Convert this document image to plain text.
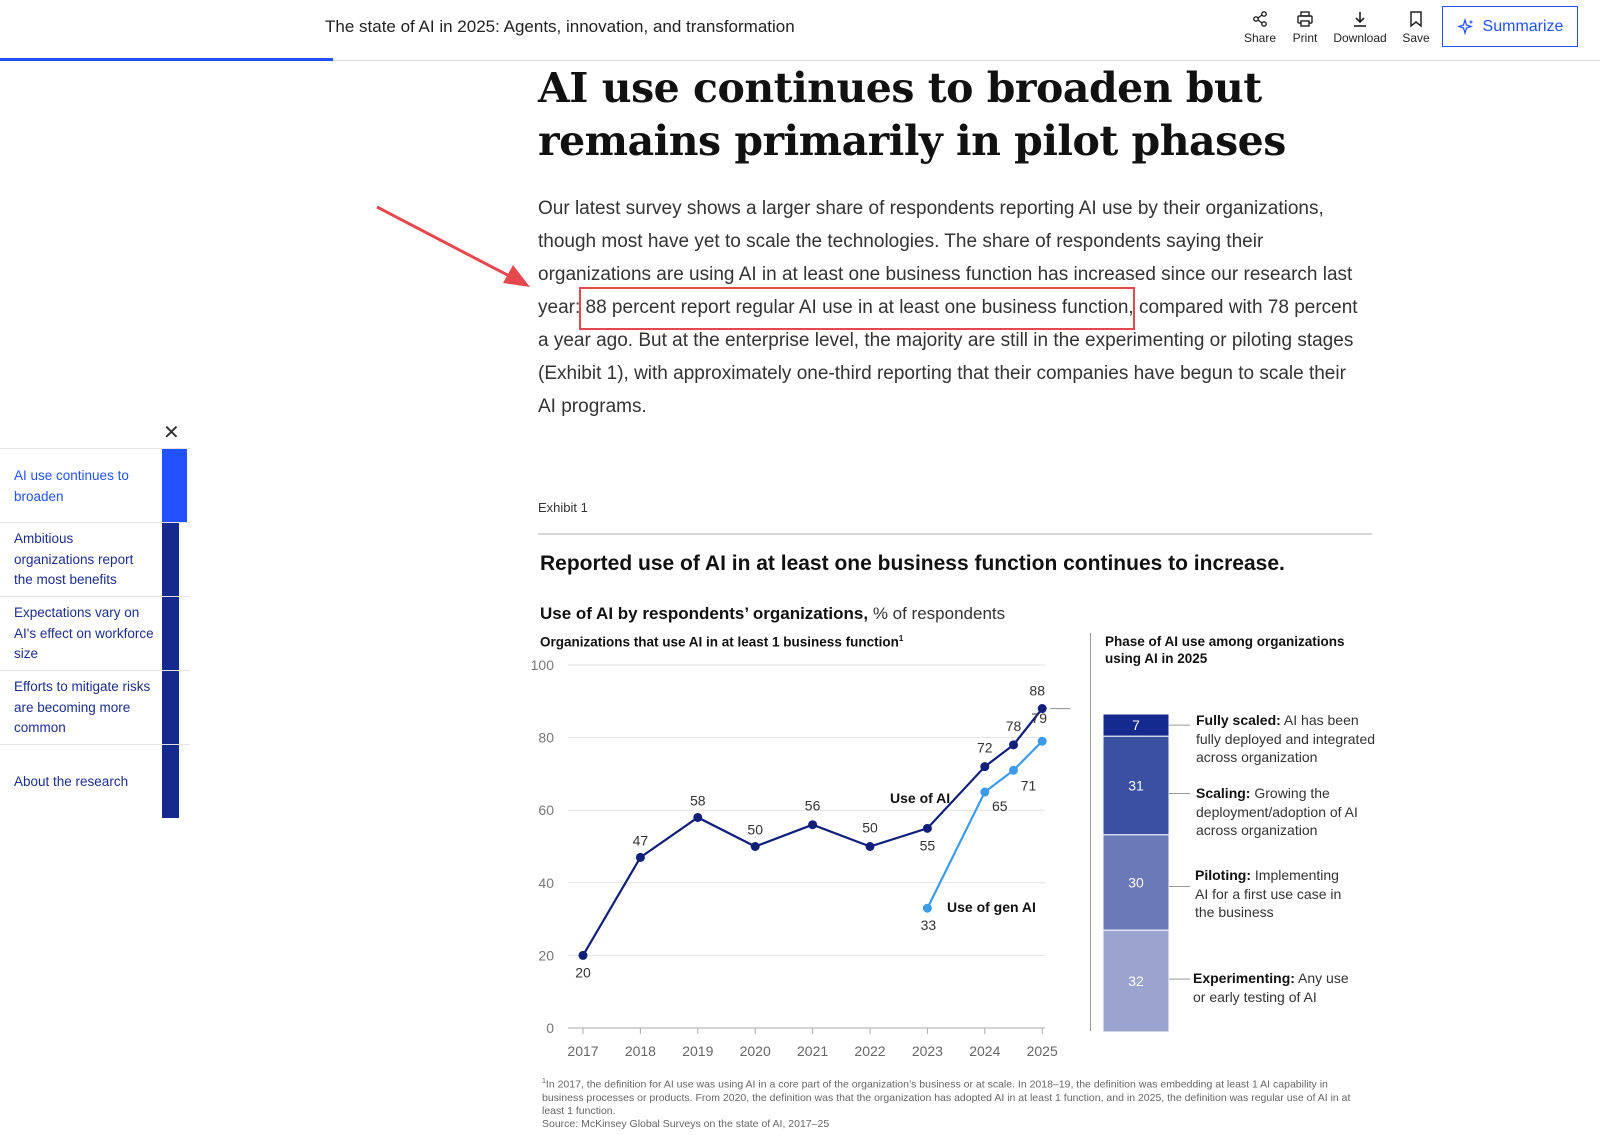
The state of AI in 2025: Agents, innovation, and transformation
Share	Print	Download	Save
Summarize
AI use continues to broaden but remains primarily in pilot phases
Our latest survey shows a larger share of respondents reporting AI use by their organizations, though most have yet to scale the technologies. The share of respondents saying their organizations are using AI in at least one business function has increased since our research last year: 88 percent report regular AI use in at least one business function, compared with 78 percent a year ago. But at the enterprise level, the majority are still in the experimenting or piloting stages (Exhibit 1), with approximately one-third reporting that their companies have begun to scale their AI programs.
✕
AI use continues to broaden
Ambitious organizations report the most benefits
Expectations vary on AI's effect on workforce size
Efforts to mitigate risks are becoming more common
About the research
Exhibit 1
Reported use of AI in at least one business function continues to increase.
Use of AI by respondents’ organizations, % of respondents
Organizations that use AI in at least 1 business function$^1$
0
20
40
60
80
100
2017 2018 2019 2020 2021 2022 2023 2024 2025
20
47
58
50
56
50
55
72
78
88
33
65
71
79
Use of AI
Use of gen AI
Phase of AI use among organizations using AI in 2025
7
31
30
32
Fully scaled: AI has been fully deployed and integrated across organization
Scaling: Growing the deployment/adoption of AI across organization
Piloting: Implementing AI for a first use case in the business
Experimenting: Any use or early testing of AI
$^1$In 2017, the definition for AI use was using AI in a core part of the organization’s business or at scale. In 2018–19, the definition was embedding at least 1 AI capability in business processes or products. From 2020, the definition was that the organization has adopted AI in at least 1 function, and in 2025, the definition was regular use of AI in at least 1 function.
Source: McKinsey Global Surveys on the state of AI, 2017–25
